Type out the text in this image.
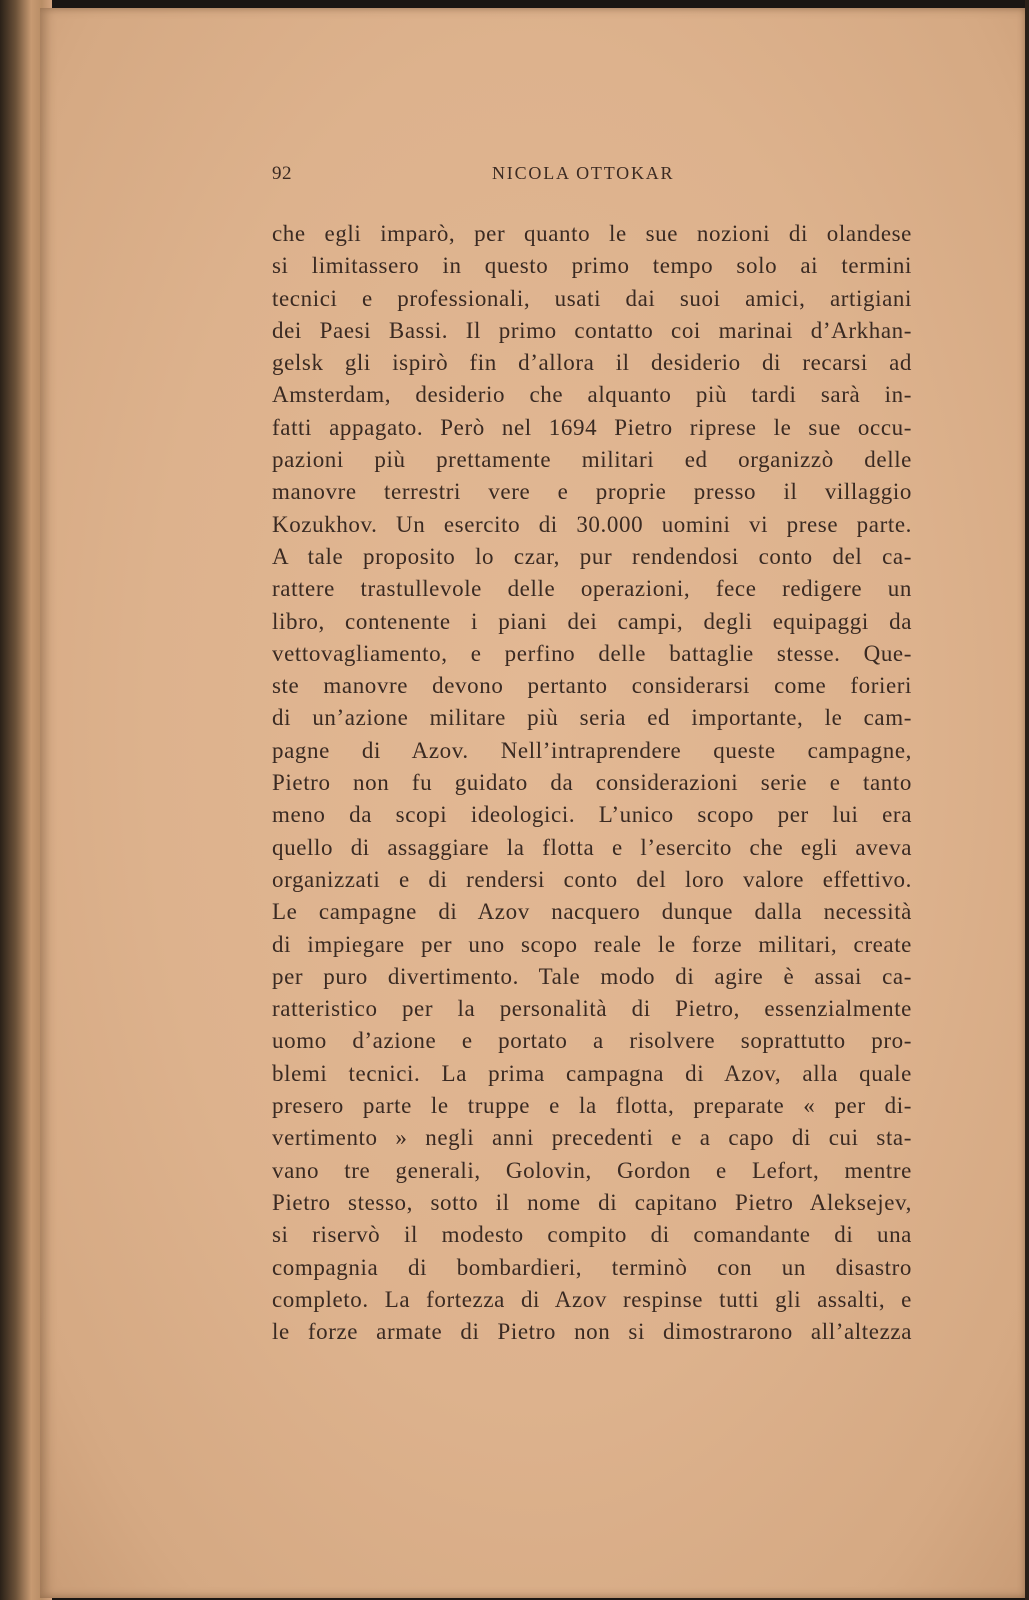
92	NICOLA OTTOKAR
che egli imparò, per quanto le sue nozioni di olandese
si limitassero in questo primo tempo solo ai termini
tecnici e professionali, usati dai suoi amici, artigiani
dei Paesi Bassi. Il primo contatto coi marinai d’Arkhan-
gelsk gli ispirò fin d’allora il desiderio di recarsi ad
Amsterdam, desiderio che alquanto più tardi sarà in-
fatti appagato. Però nel 1694 Pietro riprese le sue occu-
pazioni più prettamente militari ed organizzò delle
manovre terrestri vere e proprie presso il villaggio
Kozukhov. Un esercito di 30.000 uomini vi prese parte.
A tale proposito lo czar, pur rendendosi conto del ca-
rattere trastullevole delle operazioni, fece redigere un
libro, contenente i piani dei campi, degli equipaggi da
vettovagliamento, e perfino delle battaglie stesse. Que-
ste manovre devono pertanto considerarsi come forieri
di un’azione militare più seria ed importante, le cam-
pagne di Azov. Nell’intraprendere queste campagne,
Pietro non fu guidato da considerazioni serie e tanto
meno da scopi ideologici. L’unico scopo per lui era
quello di assaggiare la flotta e l’esercito che egli aveva
organizzati e di rendersi conto del loro valore effettivo.
Le campagne di Azov nacquero dunque dalla necessità
di impiegare per uno scopo reale le forze militari, create
per puro divertimento. Tale modo di agire è assai ca-
ratteristico per la personalità di Pietro, essenzialmente
uomo d’azione e portato a risolvere soprattutto pro-
blemi tecnici. La prima campagna di Azov, alla quale
presero parte le truppe e la flotta, preparate « per di-
vertimento » negli anni precedenti e a capo di cui sta-
vano tre generali, Golovin, Gordon e Lefort, mentre
Pietro stesso, sotto il nome di capitano Pietro Aleksejev,
si riservò il modesto compito di comandante di una
compagnia di bombardieri, terminò con un disastro
completo. La fortezza di Azov respinse tutti gli assalti, e
le forze armate di Pietro non si dimostrarono all’altezza
